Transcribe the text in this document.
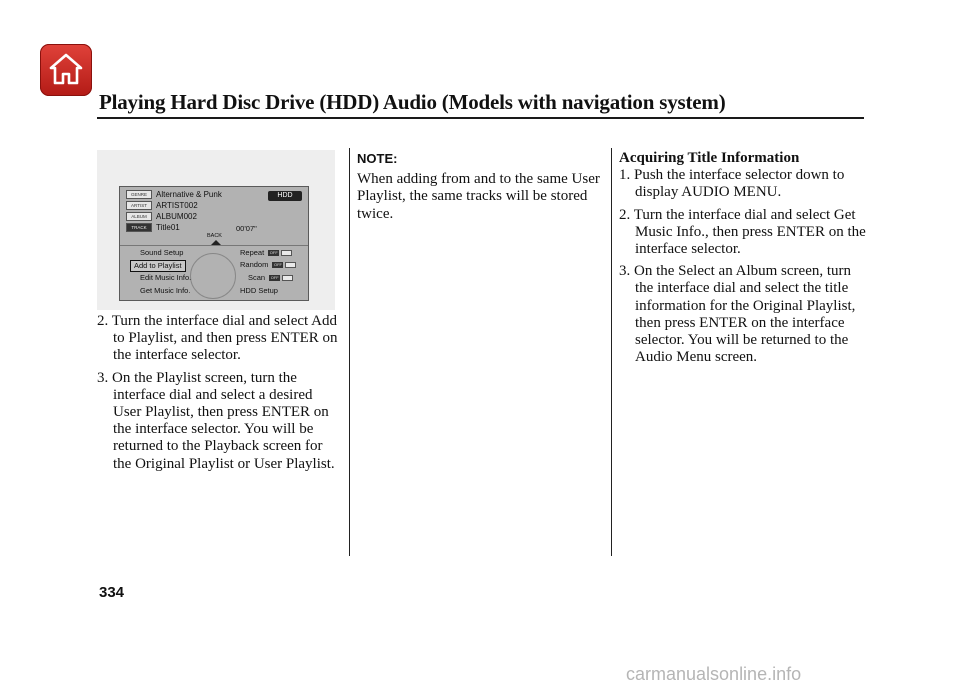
Playing Hard Disc Drive (HDD) Audio (Models with navigation system)
GENRE	Alternative & Punk
ARTIST	ARTIST002
ALBUM	ALBUM002
TRACK	Title01
HDD
00'07"
BACK
Sound Setup
Add to Playlist
Edit Music Info.
Get Music Info.
Repeat OFF
Random OFF
Scan OFF
HDD Setup
2. Turn the interface dial and select Add to Playlist, and then press ENTER on the interface selector.
3. On the Playlist screen, turn the interface dial and select a desired User Playlist, then press ENTER on the interface selector. You will be returned to the Playback screen for the Original Playlist or User Playlist.
NOTE:
When adding from and to the same User Playlist, the same tracks will be stored twice.
Acquiring Title Information
1. Push the interface selector down to display AUDIO MENU.
2. Turn the interface dial and select Get Music Info., then press ENTER on the interface selector.
3. On the Select an Album screen, turn the interface dial and select the title information for the Original Playlist, then press ENTER on the interface selector. You will be returned to the Audio Menu screen.
334
carmanualsonline.info
